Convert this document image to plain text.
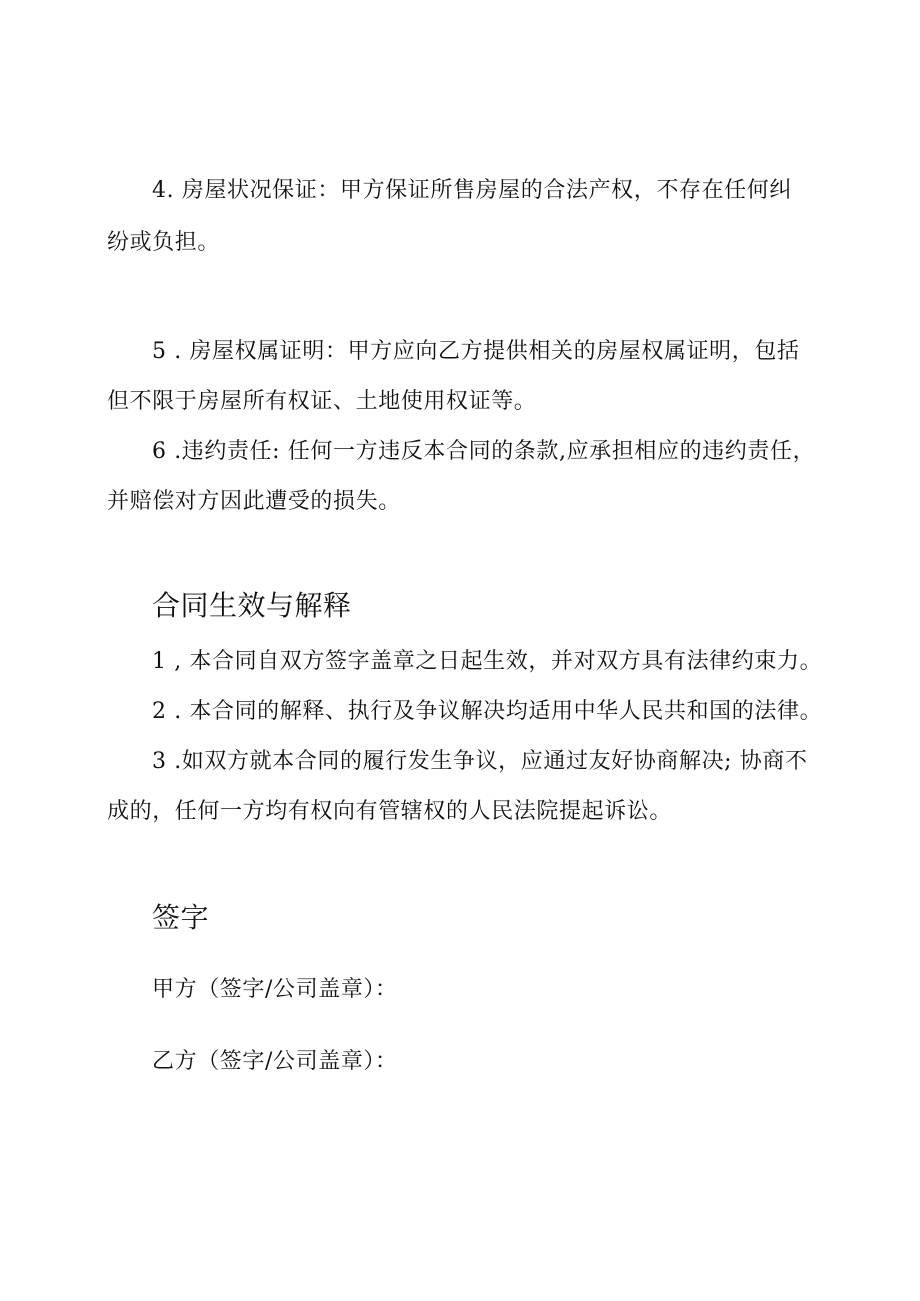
4. 房屋状况保证：甲方保证所售房屋的合法产权，不存在任何纠
纷或负担。
5 . 房屋权属证明：甲方应向乙方提供相关的房屋权属证明，包括
但不限于房屋所有权证、土地使用权证等。
6 .违约责任: 任何一方违反本合同的条款,应承担相应的违约责任，
并赔偿对方因此遭受的损失。
合同生效与解释
1 , 本合同自双方签字盖章之日起生效，并对双方具有法律约束力。
2 . 本合同的解释、执行及争议解决均适用中华人民共和国的法律。
3 .如双方就本合同的履行发生争议，应通过友好协商解决; 协商不
成的，任何一方均有权向有管辖权的人民法院提起诉讼。
签字
甲方（签字/公司盖章）：
乙方（签字/公司盖章）：
